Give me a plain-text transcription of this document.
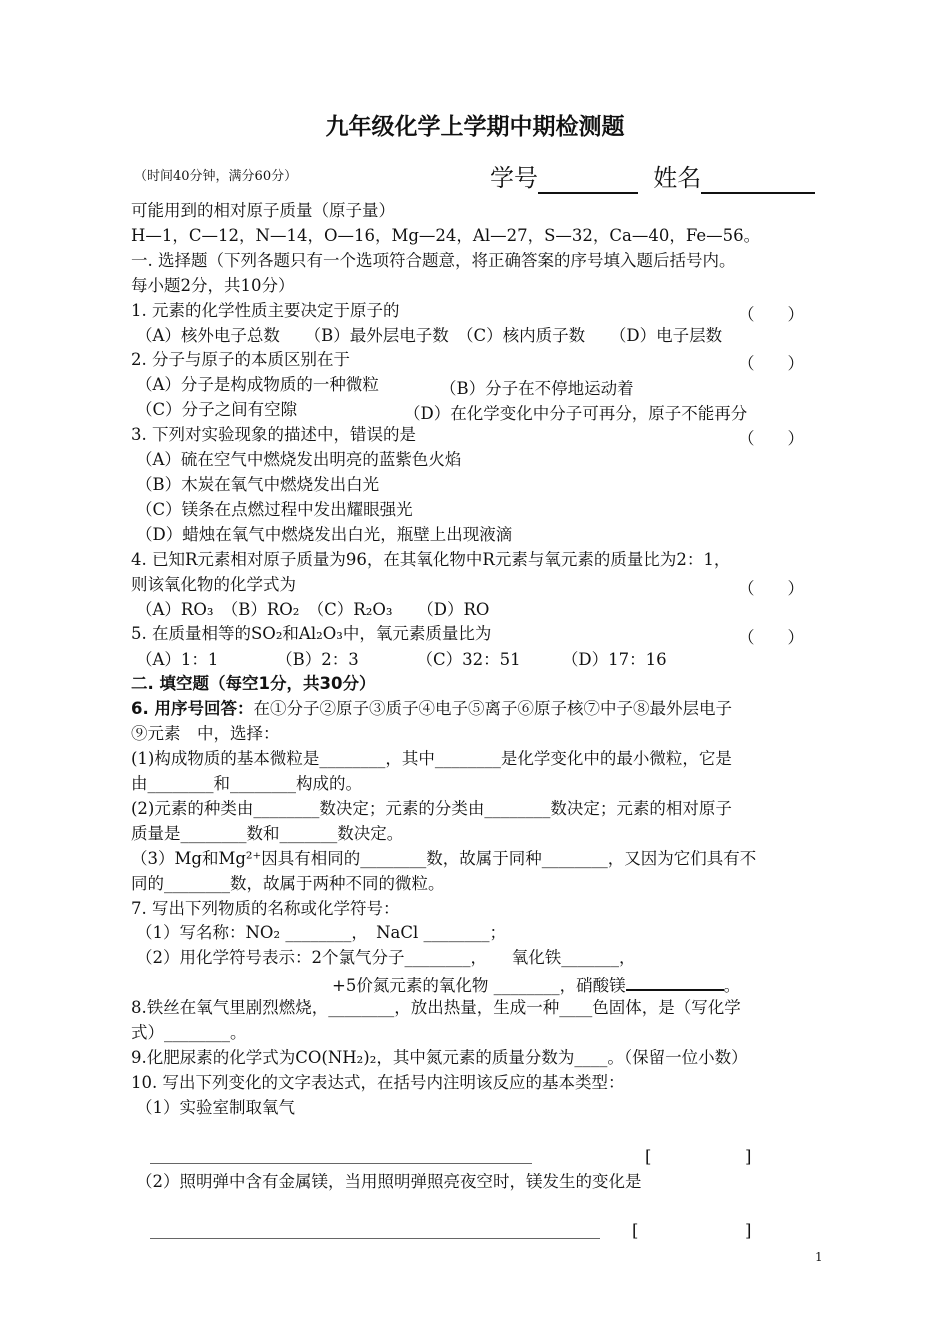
九年级化学上学期中期检测题
（时间40分钟，满分60分）	学号	姓名
可能用到的相对原子质量（原子量）
H—1，C—12，N—14，O—16，Mg—24，Al—27，S—32，Ca—40，Fe—56。
一. 选择题（下列各题只有一个选项符合题意，将正确答案的序号填入题后括号内。
每小题2分，共10分）
1. 元素的化学性质主要决定于原子的	（　　）
（A）核外电子总数　　（B）最外层电子数　（C）核内质子数　　（D）电子层数
2. 分子与原子的本质区别在于	（　　）
（A）分子是构成物质的一种微粒	（B）分子在不停地运动着
（C）分子之间有空隙	（D）在化学变化中分子可再分，原子不能再分
3. 下列对实验现象的描述中，错误的是	（　　）
（A）硫在空气中燃烧发出明亮的蓝紫色火焰
（B）木炭在氧气中燃烧发出白光
（C）镁条在点燃过程中发出耀眼强光
（D）蜡烛在氧气中燃烧发出白光，瓶壁上出现液滴
4. 已知R元素相对原子质量为96，在其氧化物中R元素与氧元素的质量比为2：1，
则该氧化物的化学式为	（　　）
（A）RO₃　（B）RO₂　（C）R₂O₃　　（D）RO
5. 在质量相等的SO₂和Al₂O₃中，氧元素质量比为	（　　）
（A）1：1　　　　（B）2：3　　　　（C）32：51　　　（D）17：16
二. 填空题（每空1分，共30分）
6. 用序号回答：在①分子②原子③质子④电子⑤离子⑥原子核⑦中子⑧最外层电子
⑨元素　中，选择：
(1)构成物质的基本微粒是________，其中________是化学变化中的最小微粒，它是
由________和________构成的。
(2)元素的种类由________数决定；元素的分类由________数决定；元素的相对原子
质量是________数和_______数决定。
（3）Mg和Mg²⁺因具有相同的________数，故属于同种________，又因为它们具有不
同的________数，故属于两种不同的微粒。
7. 写出下列物质的名称或化学符号：
（1）写名称：NO₂ ________，　NaCl ________；
（2）用化学符号表示：2个氯气分子________，　　氧化铁_______，
+5价氮元素的氧化物 ________，硝酸镁	。
8.铁丝在氧气里剧烈燃烧，________，放出热量，生成一种____色固体，是（写化学
式）________。
9.化肥尿素的化学式为CO(NH₂)₂，其中氮元素的质量分数为____。（保留一位小数）
10. 写出下列变化的文字表达式，在括号内注明该反应的基本类型：
（1）实验室制取氧气
[	]
（2）照明弹中含有金属镁，当用照明弹照亮夜空时，镁发生的变化是
[	]
1
